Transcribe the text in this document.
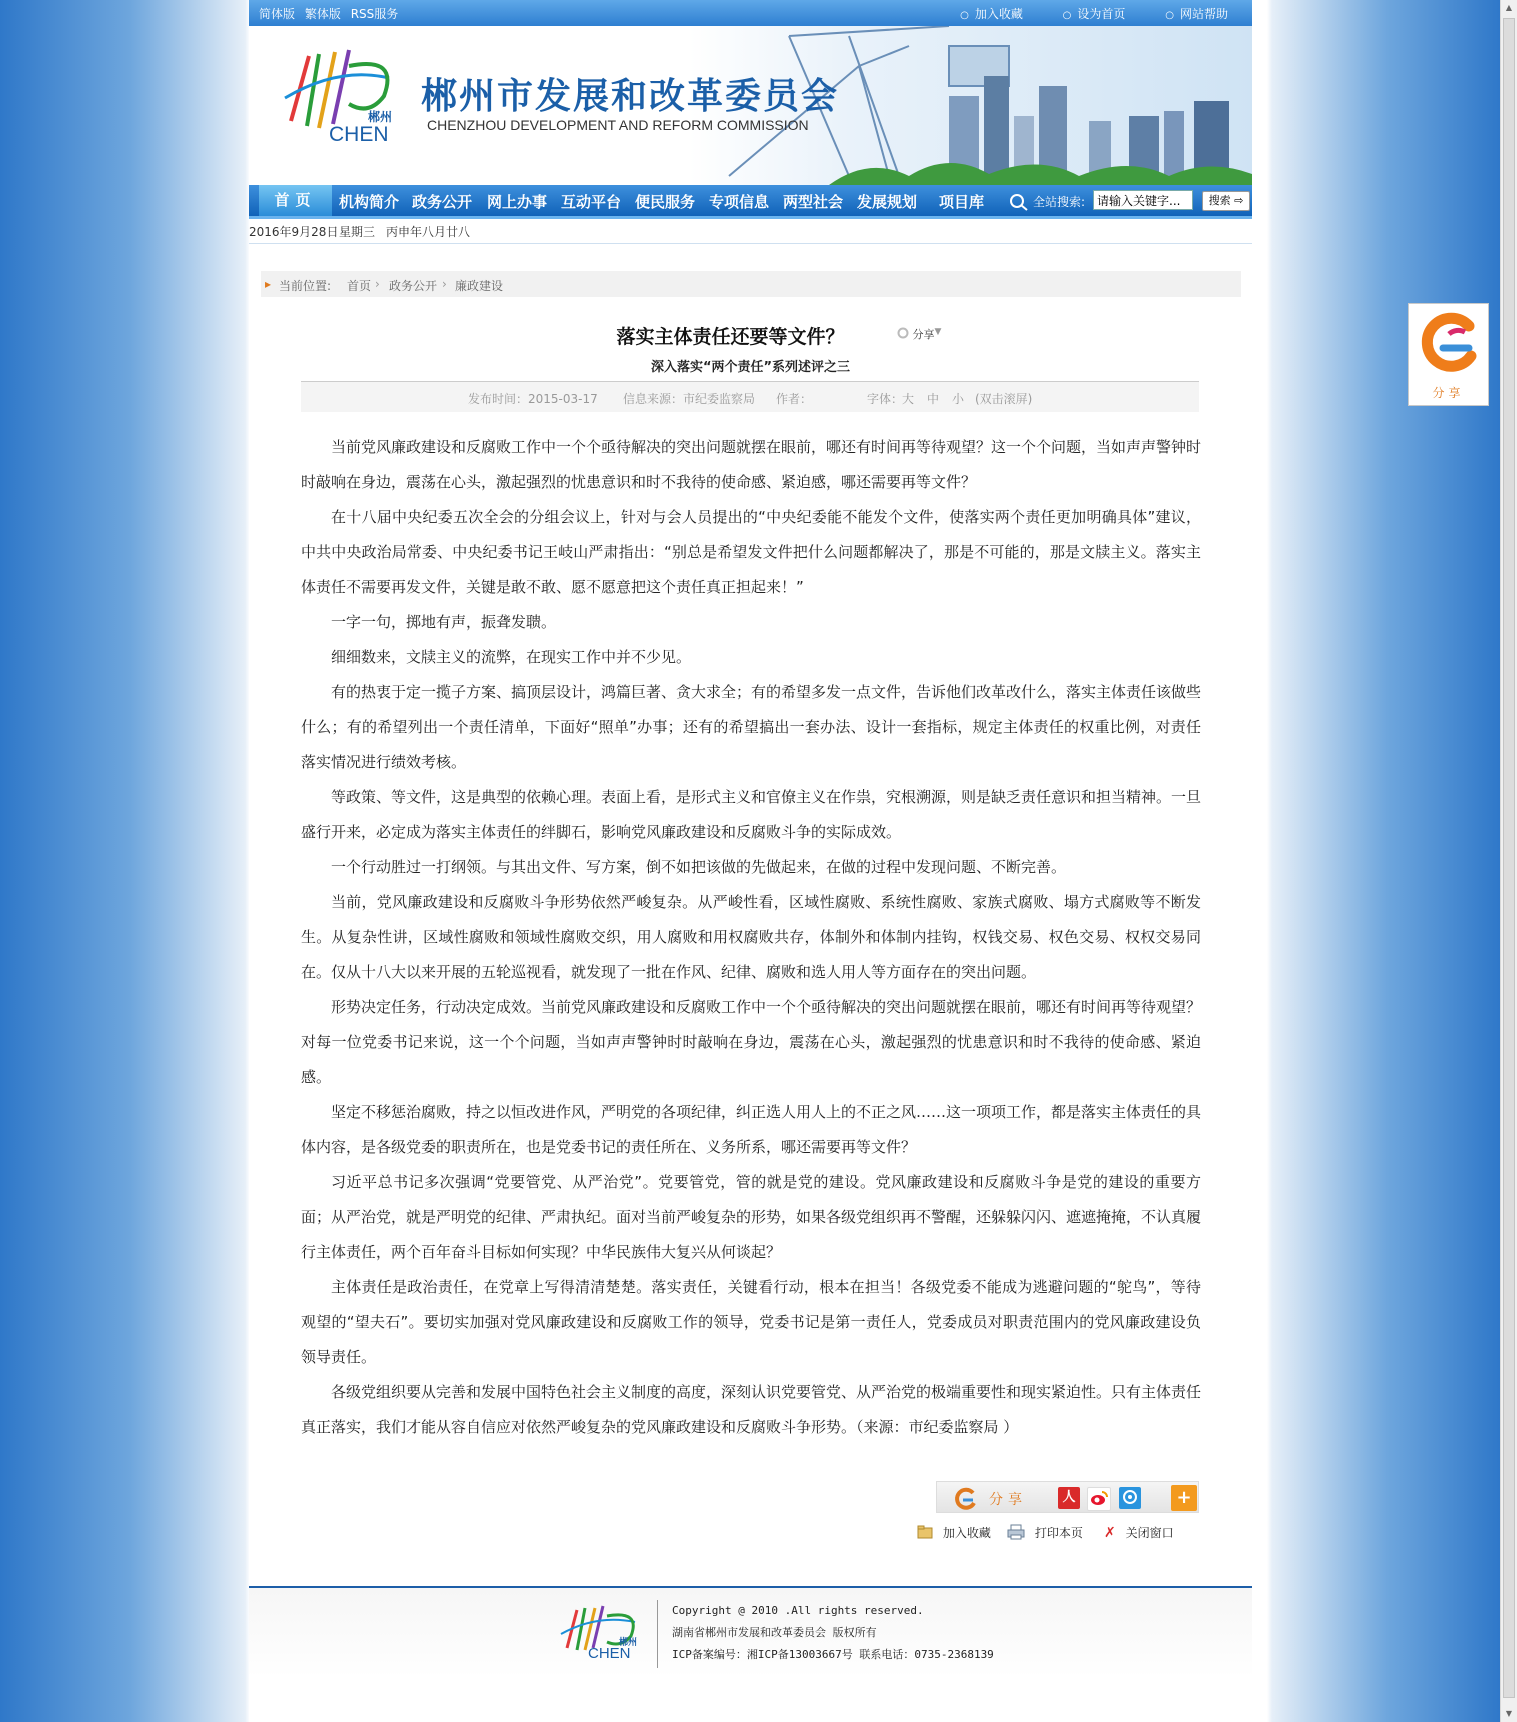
▲
▼
简体版 繁体版 RSS服务	○ 加入收藏	○ 设为首页	○ 网站帮助
郴州
CHEN
郴州市发展和改革委员会
CHENZHOU DEVELOPMENT AND REFORM COMMISSION
首页	机构简介 政务公开 网上办事 互动平台 便民服务 专项信息 两型社会 发展规划 项目库	全站搜索:
请输入关键字...	搜索 ⇨
2016年9月28日 星期三 丙申年八月廿八
▸ 当前位置: 首页 › 政务公开 › 廉政建设
落实主体责任还要等文件？	分享▼
深入落实“两个责任”系列述评之三
发布时间：2015-03-17 信息来源：市纪委监察局 作者：	字体：
大 中 小 (双击滚屏)

当前党风廉政建设和反腐败工作中一个个亟待解决的突出问题就摆在眼前，哪还有时间再等待观望？这一个个问题，当如声声警钟时时敲响在身边，震荡在心头，激起强烈的忧患意识和时不我待的使命感、紧迫感，哪还需要再等文件？

在十八届中央纪委五次全会的分组会议上，针对与会人员提出的“中央纪委能不能发个文件，使落实两个责任更加明确具体”建议，中共中央政治局常委、中央纪委书记王岐山严肃指出：“别总是希望发文件把什么问题都解决了，那是不可能的，那是文牍主义。落实主体责任不需要再发文件，关键是敢不敢、愿不愿意把这个责任真正担起来！”

一字一句，掷地有声，振聋发聩。

细细数来，文牍主义的流弊，在现实工作中并不少见。

有的热衷于定一揽子方案、搞顶层设计，鸿篇巨著、贪大求全；有的希望多发一点文件，告诉他们改革改什么，落实主体责任该做些什么；有的希望列出一个责任清单，下面好“照单”办事；还有的希望搞出一套办法、设计一套指标，规定主体责任的权重比例，对责任落实情况进行绩效考核。

等政策、等文件，这是典型的依赖心理。表面上看，是形式主义和官僚主义在作祟，究根溯源，则是缺乏责任意识和担当精神。一旦盛行开来，必定成为落实主体责任的绊脚石，影响党风廉政建设和反腐败斗争的实际成效。

一个行动胜过一打纲领。与其出文件、写方案，倒不如把该做的先做起来，在做的过程中发现问题、不断完善。

当前，党风廉政建设和反腐败斗争形势依然严峻复杂。从严峻性看，区域性腐败、系统性腐败、家族式腐败、塌方式腐败等不断发生。从复杂性讲，区域性腐败和领域性腐败交织，用人腐败和用权腐败共存，体制外和体制内挂钩，权钱交易、权色交易、权权交易同在。仅从十八大以来开展的五轮巡视看，就发现了一批在作风、纪律、腐败和选人用人等方面存在的突出问题。

形势决定任务，行动决定成效。当前党风廉政建设和反腐败工作中一个个亟待解决的突出问题就摆在眼前，哪还有时间再等待观望？对每一位党委书记来说，这一个个问题，当如声声警钟时时敲响在身边，震荡在心头，激起强烈的忧患意识和时不我待的使命感、紧迫感。

坚定不移惩治腐败，持之以恒改进作风，严明党的各项纪律，纠正选人用人上的不正之风……这一项项工作，都是落实主体责任的具体内容，是各级党委的职责所在，也是党委书记的责任所在、义务所系，哪还需要再等文件？

习近平总书记多次强调“党要管党、从严治党”。党要管党，管的就是党的建设。党风廉政建设和反腐败斗争是党的建设的重要方面；从严治党，就是严明党的纪律、严肃执纪。面对当前严峻复杂的形势，如果各级党组织再不警醒，还躲躲闪闪、遮遮掩掩，不认真履行主体责任，两个百年奋斗目标如何实现？中华民族伟大复兴从何谈起？

主体责任是政治责任，在党章上写得清清楚楚。落实责任，关键看行动，根本在担当！各级党委不能成为逃避问题的“鸵鸟”，等待观望的“望夫石”。要切实加强对党风廉政建设和反腐败工作的领导，党委书记是第一责任人，党委成员对职责范围内的党风廉政建设负领导责任。

各级党组织要从完善和发展中国特色社会主义制度的高度，深刻认识党要管党、从严治党的极端重要性和现实紧迫性。只有主体责任真正落实，我们才能从容自信应对依然严峻复杂的党风廉政建设和反腐败斗争形势。（来源：市纪委监察局 ）

分享	人	+
加入收藏	打印本页 ✗ 关闭窗口
郴州
CHEN
Copyright @ 2010 .All rights reserved.
湖南省郴州市发展和改革委员会 版权所有
ICP备案编号：湘ICP备13003667号 联系电话：0735-2368139
分享
